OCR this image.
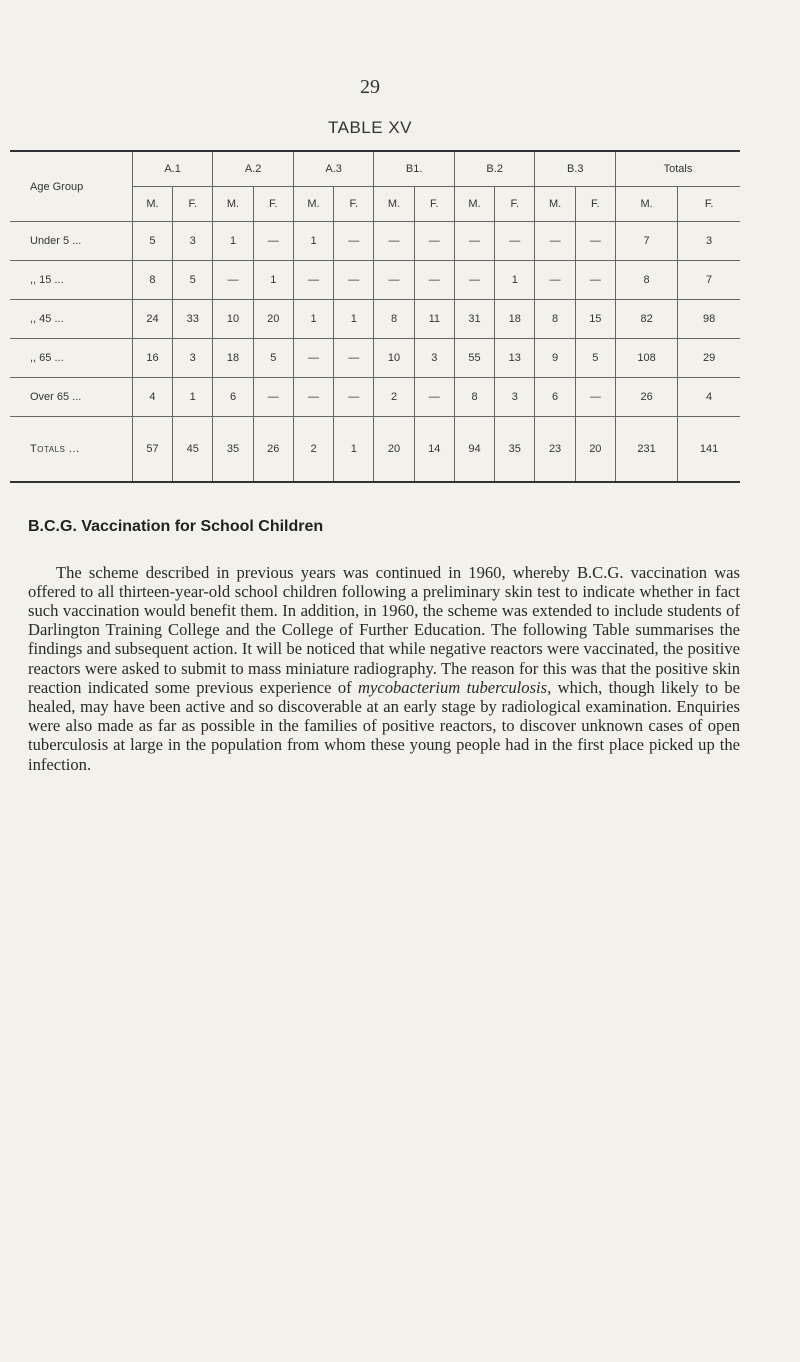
29
TABLE XV
Age Group	A.1		A.2		A.3		B1.		B.2		B.3		Totals	
	M.	F.	M.	F.	M.	F.	M.	F.	M.	F.	M.	F.	M.	F.
Under 5 ...	5	3	1	—	1	—	—	—	—	—	—	—	7	3
,, 15 ...	8	5	—	1	—	—	—	—	—	1	—	—	8	7
,, 45 ...	24	33	10	20	1	1	8	11	31	18	8	15	82	98
,, 65 ...	16	3	18	5	—	—	10	3	55	13	9	5	108	29
Over 65 ...	4	1	6	—	—	—	2	—	8	3	6	—	26	4
Totals ...	57	45	35	26	2	1	20	14	94	35	23	20	231	141
B.C.G. Vaccination for School Children

The scheme described in previous years was continued in 1960, whereby B.C.G. vaccination was offered to all thirteen-year-old school children following a preliminary skin test to indicate whether in fact such vaccination would benefit them. In addition, in 1960, the scheme was extended to include students of Darlington Training College and the College of Further Education. The following Table summarises the findings and subsequent action. It will be noticed that while negative reactors were vaccinated, the positive reactors were asked to submit to mass miniature radiography. The reason for this was that the positive skin reaction indicated some previous experience of mycobacterium tuberculosis, which, though likely to be healed, may have been active and so discoverable at an early stage by radiological examination. Enquiries were also made as far as possible in the families of positive reactors, to discover unknown cases of open tuberculosis at large in the population from whom these young people had in the first place picked up the infection.
